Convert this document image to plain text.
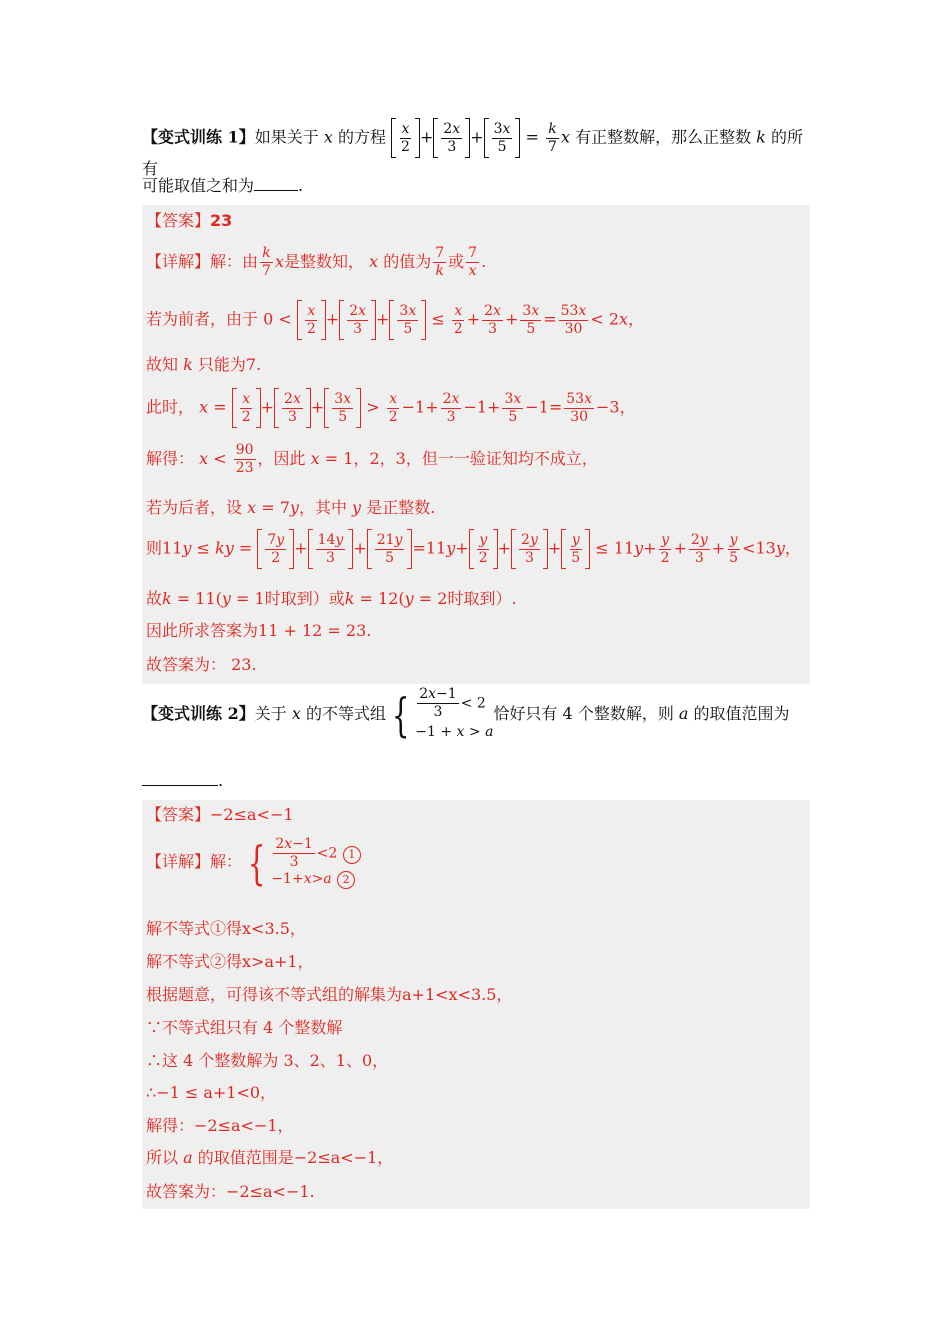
【变式训练 1】如果关于 x 的方程 $\frac{x}{2} + \frac{2x}{3} + \frac{3x}{5} = \frac{k}{7}$ x 有正整数解，那么正整数 k 的所有
可能取值之和为	.
【答案】23
【详解】解：由 $\frac{k}{7}$ x是整数知， x 的值为 $\frac{7}{k}$ 或 $\frac{7}{x}$ .
若为前者，由于 $0 < \frac{x}{2} + \frac{2x}{3} + \frac{3x}{5} \le \frac{x}{2} + \frac{2x}{3} + \frac{3x}{5} = \frac{53x}{30} < 2x$，
故知 k 只能为7.
此时， $x = \frac{x}{2} + \frac{2x}{3} + \frac{3x}{5} > \frac{x}{2} -1+ \frac{2x}{3} -1+ \frac{3x}{5} -1= \frac{53x}{30} -3$，
解得： $x < \frac{90}{23}$ ，因此 x = 1，2，3，但一一验证知均不成立，
若为后者，设 x = 7y，其中 y 是正整数.
则11y ≤ ky = $\frac{7y}{2} + \frac{14y}{3} + \frac{21y}{5} =11y+ \frac{y}{2} + \frac{2y}{3} + \frac{y}{5} \le 11y+ \frac{y}{2} + \frac{2y}{3} + \frac{y}{5} <13y$，
故k = 11(y = 1时取到）或k = 12(y = 2时取到）.
因此所求答案为11 + 12 = 23.
故答案为： 23.
【变式训练 2】关于 x 的不等式组 { $\frac{2x-1}{3} < 2$
−1 + x > a
恰好只有 4 个整数解，则 a 的取值范围为
.
【答案】−2≤a<−1
【详解】解： { $\frac{2x-1}{3} <2$ 1
−1+x>a 2
解不等式①得x<3.5，
解不等式②得x>a+1，
根据题意，可得该不等式组的解集为a+1<x<3.5，
∵不等式组只有 4 个整数解
∴这 4 个整数解为 3、2、1、0，
∴−1 ≤ a+1<0，
解得：−2≤a<−1，
所以 a 的取值范围是−2≤a<−1，
故答案为：−2≤a<−1.
